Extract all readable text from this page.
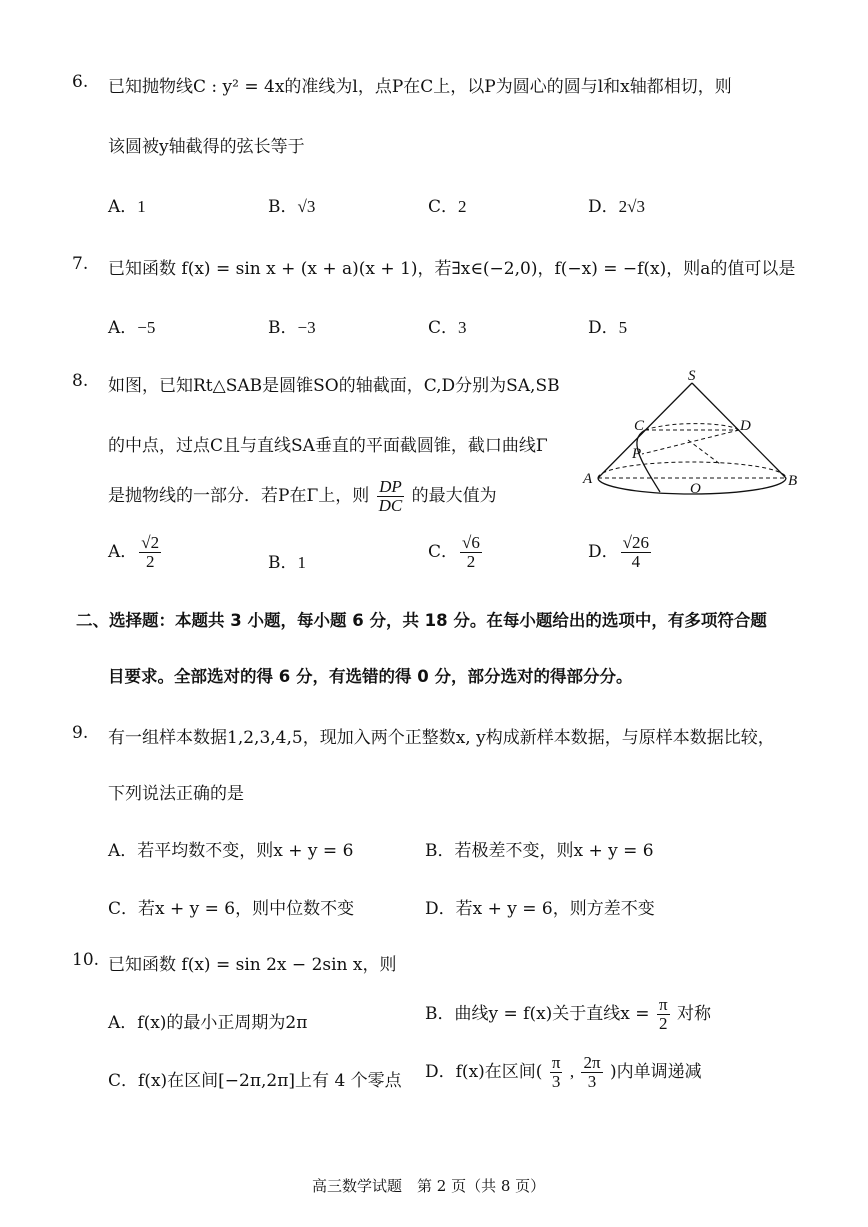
6. 已知抛物线C : y² = 4x的准线为l，点P在C上，以P为圆心的圆与l和x轴都相切，则
该圆被y轴截得的弦长等于
A．1	B．√3	C．2	D．2√3
7. 已知函数 f(x) = sin x + (x + a)(x + 1)，若∃x∈(−2,0)，f(−x) = −f(x)，则a的值可以是
A．−5	B．−3	C．3	D．5
8. 如图，已知Rt△SAB是圆锥SO的轴截面，C,D分别为SA,SB
的中点，过点C且与直线SA垂直的平面截圆锥，截口曲线Γ
是抛物线的一部分．若P在Γ上，则 $\frac{DP}{DC}$ 的最大值为
A． $\frac{√2}{2}$	B．1
C． $\frac{√6}{2}$	D． $\frac{√26}{4}$
S
C	D
P
A
O	B
二、选择题：本题共 3 小题，每小题 6 分，共 18 分。在每小题给出的选项中，有多项符合题
目要求。全部选对的得 6 分，有选错的得 0 分，部分选对的得部分分。
9. 有一组样本数据1,2,3,4,5，现加入两个正整数x, y构成新样本数据，与原样本数据比较，
下列说法正确的是
A．若平均数不变，则x + y = 6	B．若极差不变，则x + y = 6
C．若x + y = 6，则中位数不变	D．若x + y = 6，则方差不变
10. 已知函数 f(x) = sin 2x − 2sin x，则
A．f(x)的最小正周期为2π	B．曲线y = f(x)关于直线$x = \frac{\pi}{2}$ 对称
C．f(x)在区间[−2π,2π]上有 4 个零点 D．f(x)在区间( $\frac{\pi}{3}$ , $\frac{2\pi}{3}$ )内单调递减
高三数学试题　第 2 页（共 8 页）
